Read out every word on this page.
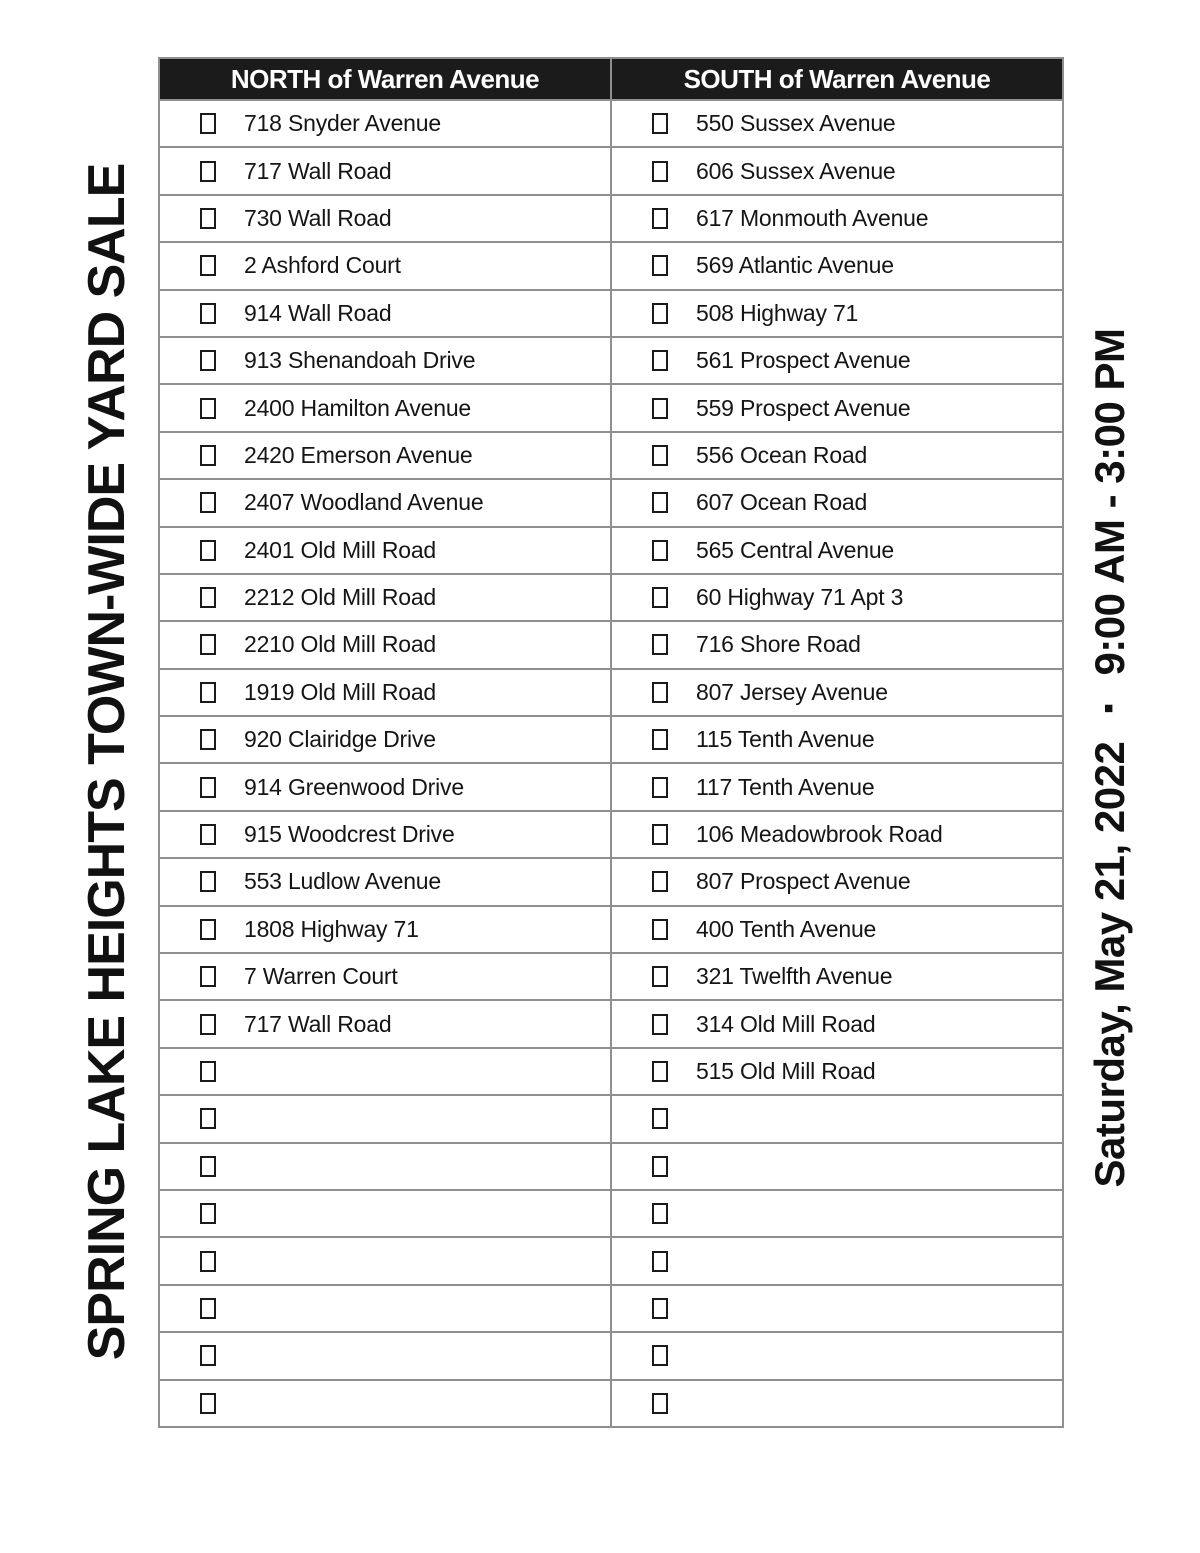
SPRING LAKE HEIGHTS TOWN-WIDE YARD SALE
NORTH of Warren Avenue
718 Snyder Avenue
717 Wall Road
730 Wall Road
2 Ashford Court
914 Wall Road
913 Shenandoah Drive
2400 Hamilton Avenue
2420 Emerson Avenue
2407 Woodland Avenue
2401 Old Mill Road
2212 Old Mill Road
2210 Old Mill Road
1919 Old Mill Road
920 Clairidge Drive
914 Greenwood Drive
915 Woodcrest Drive
553 Ludlow Avenue
1808 Highway 71
7 Warren Court
717 Wall Road
SOUTH of Warren Avenue
550 Sussex Avenue
606 Sussex Avenue
617 Monmouth Avenue
569 Atlantic Avenue
508 Highway 71
561 Prospect Avenue
559 Prospect Avenue
556 Ocean Road
607 Ocean Road
565 Central Avenue
60 Highway 71 Apt 3
716 Shore Road
807 Jersey Avenue
115 Tenth Avenue
117 Tenth Avenue
106 Meadowbrook Road
807 Prospect Avenue
400 Tenth Avenue
321 Twelfth Avenue
314 Old Mill Road
515 Old Mill Road	Saturday, May 21, 2022▪9:00 AM - 3:00 PM
